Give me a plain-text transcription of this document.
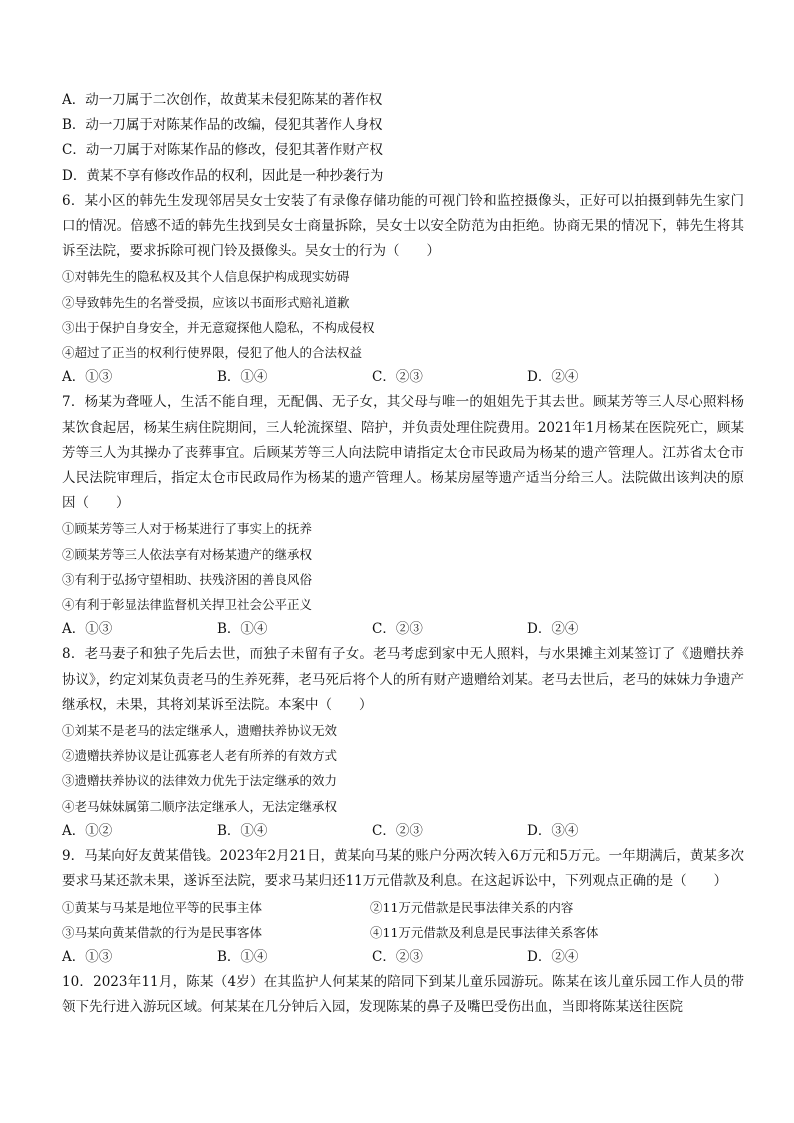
A．动一刀属于二次创作，故黄某未侵犯陈某的著作权
B．动一刀属于对陈某作品的改编，侵犯其著作人身权
C．动一刀属于对陈某作品的修改，侵犯其著作财产权
D．黄某不享有修改作品的权利，因此是一种抄袭行为
6．某小区的韩先生发现邻居吴女士安装了有录像存储功能的可视门铃和监控摄像头，正好可以拍摄到韩先生家门口的情况。倍感不适的韩先生找到吴女士商量拆除，吴女士以安全防范为由拒绝。协商无果的情况下，韩先生将其诉至法院，要求拆除可视门铃及摄像头。吴女士的行为（　　）
①对韩先生的隐私权及其个人信息保护构成现实妨碍
②导致韩先生的名誉受损，应该以书面形式赔礼道歉
③出于保护自身安全，并无意窥探他人隐私，不构成侵权
④超过了正当的权利行使界限，侵犯了他人的合法权益
A．①③	B．①④	C．②③	D．②④
7．杨某为聋哑人，生活不能自理，无配偶、无子女，其父母与唯一的姐姐先于其去世。顾某芳等三人尽心照料杨某饮食起居，杨某生病住院期间，三人轮流探望、陪护，并负责处理住院费用。2021年1月杨某在医院死亡，顾某芳等三人为其操办了丧葬事宜。后顾某芳等三人向法院申请指定太仓市民政局为杨某的遗产管理人。江苏省太仓市人民法院审理后，指定太仓市民政局作为杨某的遗产管理人。杨某房屋等遗产适当分给三人。法院做出该判决的原因（　　）
①顾某芳等三人对于杨某进行了事实上的抚养
②顾某芳等三人依法享有对杨某遗产的继承权
③有利于弘扬守望相助、扶残济困的善良风俗
④有利于彰显法律监督机关捍卫社会公平正义
A．①③	B．①④	C．②③	D．②④
8．老马妻子和独子先后去世，而独子未留有子女。老马考虑到家中无人照料，与水果摊主刘某签订了《遗赠扶养协议》，约定刘某负责老马的生养死葬，老马死后将个人的所有财产遗赠给刘某。老马去世后，老马的妹妹力争遗产继承权，未果，其将刘某诉至法院。本案中（　　）
①刘某不是老马的法定继承人，遗赠扶养协议无效
②遗赠扶养协议是让孤寡老人老有所养的有效方式
③遗赠扶养协议的法律效力优先于法定继承的效力
④老马妹妹属第二顺序法定继承人，无法定继承权
A．①②	B．①④	C．②③	D．③④
9．马某向好友黄某借钱。2023年2月21日，黄某向马某的账户分两次转入6万元和5万元。一年期满后，黄某多次要求马某还款未果，遂诉至法院，要求马某归还11万元借款及利息。在这起诉讼中，下列观点正确的是（　　）
①黄某与马某是地位平等的民事主体	②11万元借款是民事法律关系的内容
③马某向黄某借款的行为是民事客体	④11万元借款及利息是民事法律关系客体
A．①③	B．①④	C．②③	D．②④
10．2023年11月，陈某（4岁）在其监护人何某某的陪同下到某儿童乐园游玩。陈某在该儿童乐园工作人员的带领下先行进入游玩区域。何某某在几分钟后入园，发现陈某的鼻子及嘴巴受伤出血，当即将陈某送往医院
